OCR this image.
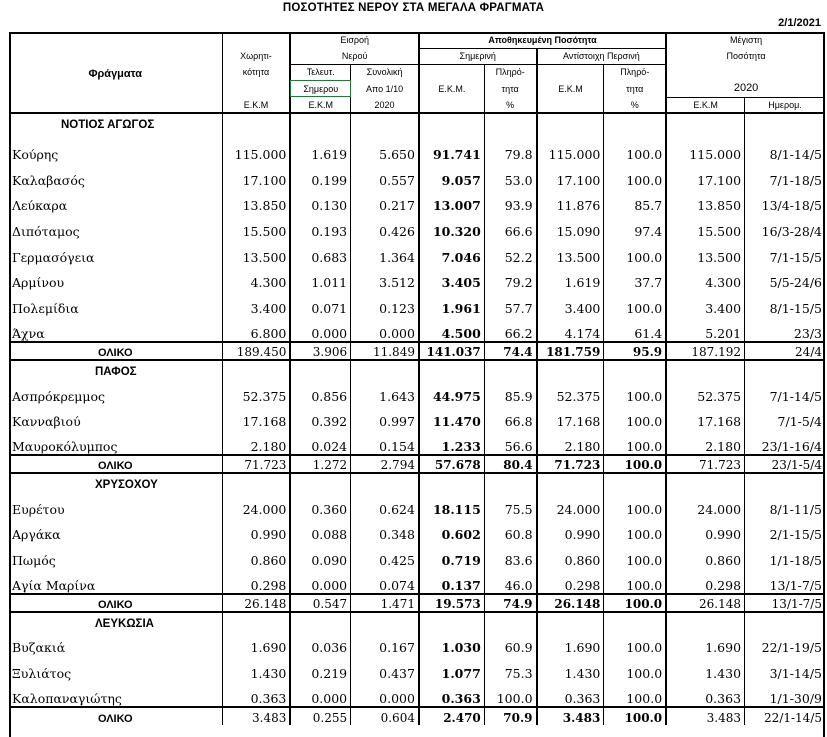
ΠΟΣΟΤΗΤΕΣ ΝΕΡΟΥ ΣΤΑ ΜΕΓΑΛΑ ΦΡΑΓΜΑΤΑ
2/1/2021
Φράγματα		Εισροή		Αποθηκευμένη Ποσότητα				Μέγιστη	
	Χωρητι-	Νερού		Σημερινή		Αντίστοιχη Περσινή		Ποσότητα	
	κότητα	Τελευτ.	Συνολική		Πληρό-		Πληρό-		
		Σημερου	Απο 1/10	Ε.Κ.Μ.	τητα	Ε.Κ.Μ	τητα	2020	
	Ε.Κ.Μ	Ε.Κ.Μ	2020		%		%	Ε.Κ.Μ	Ημερομ.
ΝΟΤΙΟΣ ΑΓΩΓΟΣ									
Κούρης	115.000	1.619	5.650	91.741	79.8	115.000	100.0	115.000	8/1-14/5
Καλαβασός	17.100	0.199	0.557	9.057	53.0	17.100	100.0	17.100	7/1-18/5
Λεύκαρα	13.850	0.130	0.217	13.007	93.9	11.876	85.7	13.850	13/4-18/5
Διπόταμος	15.500	0.193	0.426	10.320	66.6	15.090	97.4	15.500	16/3-28/4
Γερμασόγεια	13.500	0.683	1.364	7.046	52.2	13.500	100.0	13.500	7/1-15/5
Αρμίνου	4.300	1.011	3.512	3.405	79.2	1.619	37.7	4.300	5/5-24/6
Πολεμίδια	3.400	0.071	0.123	1.961	57.7	3.400	100.0	3.400	8/1-15/5
Άχνα	6.800	0.000	0.000	4.500	66.2	4.174	61.4	5.201	23/3
ΟΛΙΚΟ	189.450	3.906	11.849	141.037	74.4	181.759	95.9	187.192	24/4
ΠΑΦΟΣ									
Ασπρόκρεμμος	52.375	0.856	1.643	44.975	85.9	52.375	100.0	52.375	7/1-14/5
Κανναβιού	17.168	0.392	0.997	11.470	66.8	17.168	100.0	17.168	7/1-5/4
Μαυροκόλυμπος	2.180	0.024	0.154	1.233	56.6	2.180	100.0	2.180	23/1-16/4
ΟΛΙΚΟ	71.723	1.272	2.794	57.678	80.4	71.723	100.0	71.723	23/1-5/4
ΧΡΥΣΟΧΟΥ									
Ευρέτου	24.000	0.360	0.624	18.115	75.5	24.000	100.0	24.000	8/1-11/5
Αργάκα	0.990	0.088	0.348	0.602	60.8	0.990	100.0	0.990	2/1-15/5
Πωμός	0.860	0.090	0.425	0.719	83.6	0.860	100.0	0.860	1/1-18/5
Αγία Μαρίνα	0.298	0.000	0.074	0.137	46.0	0.298	100.0	0.298	13/1-7/5
ΟΛΙΚΟ	26.148	0.547	1.471	19.573	74.9	26.148	100.0	26.148	13/1-7/5
ΛΕΥΚΩΣΙΑ									
Βυζακιά	1.690	0.036	0.167	1.030	60.9	1.690	100.0	1.690	22/1-19/5
Ξυλιάτος	1.430	0.219	0.437	1.077	75.3	1.430	100.0	1.430	3/1-14/5
Καλοπαναγιώτης	0.363	0.000	0.000	0.363	100.0	0.363	100.0	0.363	1/1-30/9
ΟΛΙΚΟ	3.483	0.255	0.604	2.470	70.9	3.483	100.0	3.483	22/1-14/5
